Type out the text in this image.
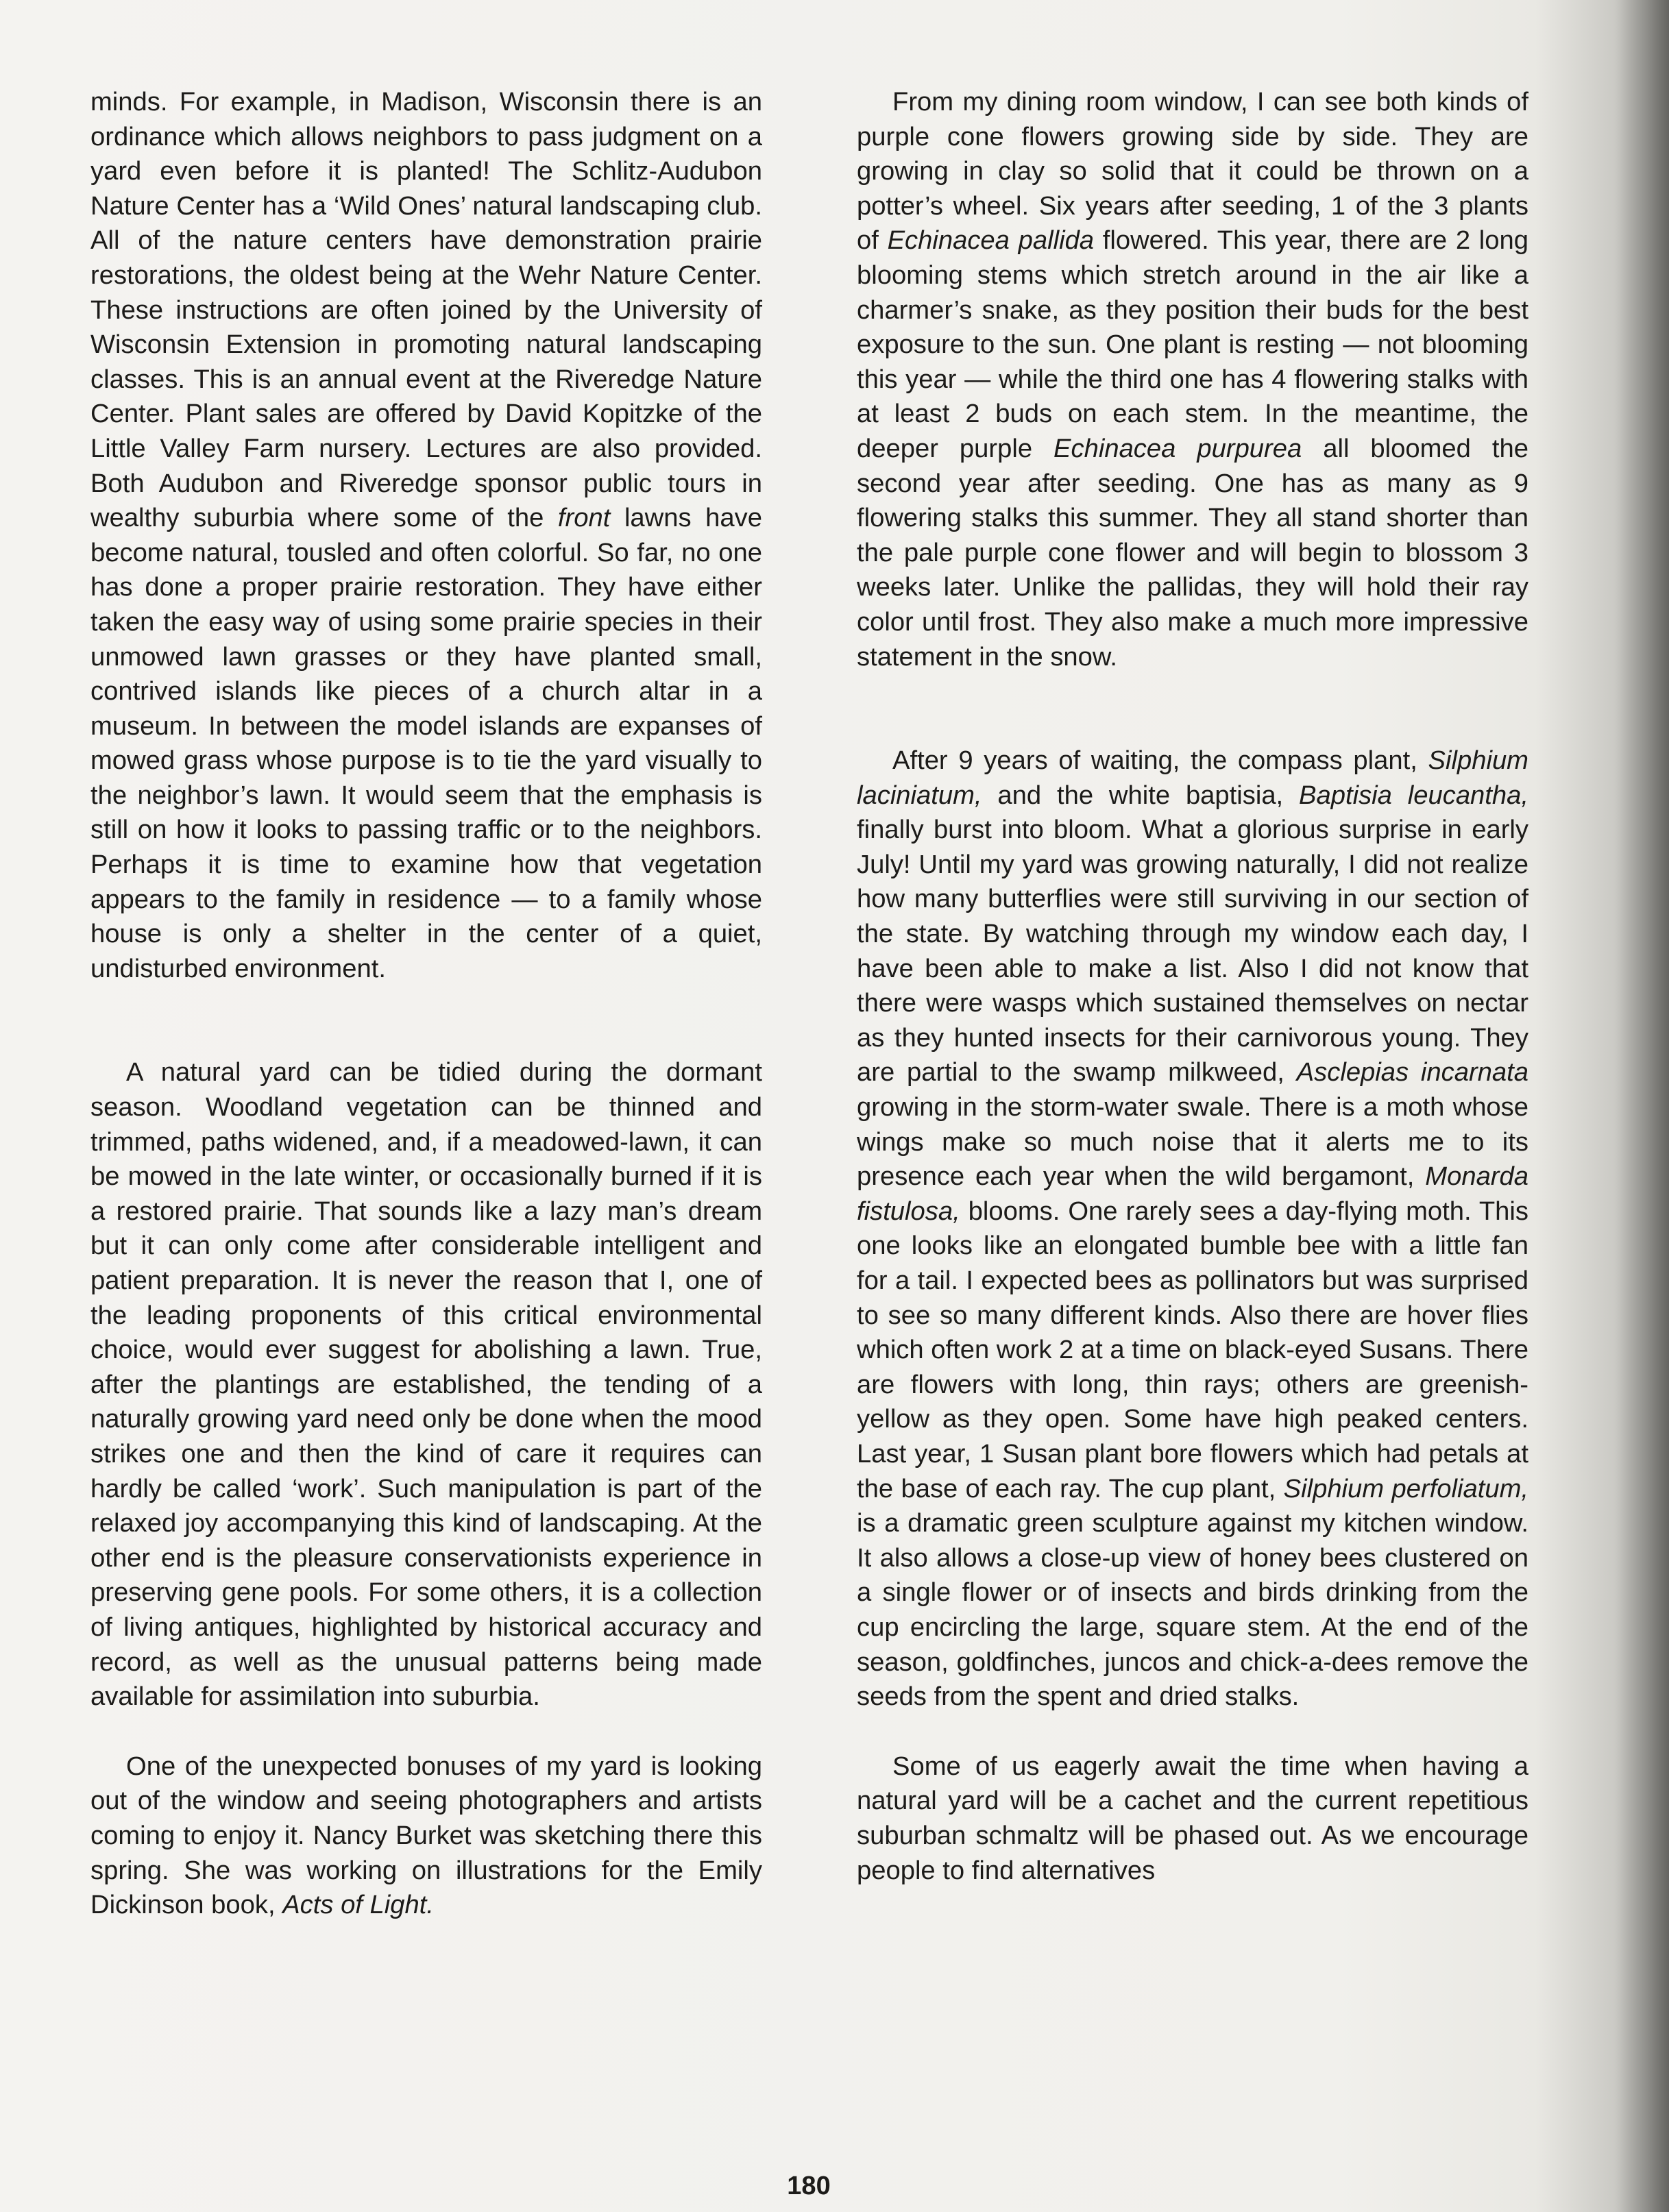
minds. For example, in Madison, Wisconsin there is an ordinance which allows neighbors to pass judgment on a yard even before it is planted! The Schlitz-Audubon Nature Center has a ‘Wild Ones’ natural landscaping club. All of the nature centers have demonstration prairie restorations, the oldest being at the Wehr Nature Center. These instructions are often joined by the University of Wisconsin Extension in promoting natural landscaping classes. This is an annual event at the Riveredge Nature Center. Plant sales are offered by David Kopitzke of the Little Valley Farm nursery. Lectures are also provided. Both Audubon and Riveredge sponsor public tours in wealthy suburbia where some of the front lawns have become natural, tousled and often colorful. So far, no one has done a proper prairie restoration. They have either taken the easy way of using some prairie species in their unmowed lawn grasses or they have planted small, contrived islands like pieces of a church altar in a museum. In between the model islands are expanses of mowed grass whose purpose is to tie the yard visually to the neighbor’s lawn. It would seem that the emphasis is still on how it looks to passing traffic or to the neighbors. Perhaps it is time to examine how that vegetation appears to the family in residence — to a family whose house is only a shelter in the center of a quiet, undisturbed environment.

A natural yard can be tidied during the dormant season. Woodland vegetation can be thinned and trimmed, paths widened, and, if a meadowed-lawn, it can be mowed in the late winter, or occasionally burned if it is a restored prairie. That sounds like a lazy man’s dream but it can only come after considerable intelligent and patient preparation. It is never the reason that I, one of the leading proponents of this critical environmental choice, would ever suggest for abolishing a lawn. True, after the plantings are established, the tending of a naturally growing yard need only be done when the mood strikes one and then the kind of care it requires can hardly be called ‘work’. Such manipulation is part of the relaxed joy accompanying this kind of landscaping. At the other end is the pleasure conservationists experience in preserving gene pools. For some others, it is a collection of living antiques, highlighted by historical accuracy and record, as well as the unusual patterns being made available for assimilation into suburbia.

One of the unexpected bonuses of my yard is looking out of the window and seeing photographers and artists coming to enjoy it. Nancy Burket was sketching there this spring. She was working on illustrations for the Emily Dickinson book, Acts of Light.

From my dining room window, I can see both kinds of purple cone flowers growing side by side. They are growing in clay so solid that it could be thrown on a potter’s wheel. Six years after seeding, 1 of the 3 plants of Echinacea pallida flowered. This year, there are 2 long blooming stems which stretch around in the air like a charmer’s snake, as they position their buds for the best exposure to the sun. One plant is resting — not blooming this year — while the third one has 4 flowering stalks with at least 2 buds on each stem. In the meantime, the deeper purple Echinacea purpurea all bloomed the second year after seeding. One has as many as 9 flowering stalks this summer. They all stand shorter than the pale purple cone flower and will begin to blossom 3 weeks later. Unlike the pallidas, they will hold their ray color until frost. They also make a much more impressive statement in the snow.

After 9 years of waiting, the compass plant, Silphium laciniatum, and the white baptisia, Baptisia leucantha, finally burst into bloom. What a glorious surprise in early July! Until my yard was growing naturally, I did not realize how many butterflies were still surviving in our section of the state. By watching through my window each day, I have been able to make a list. Also I did not know that there were wasps which sustained themselves on nectar as they hunted insects for their carnivorous young. They are partial to the swamp milkweed, Asclepias incarnata growing in the storm-water swale. There is a moth whose wings make so much noise that it alerts me to its presence each year when the wild bergamont, Monarda fistulosa, blooms. One rarely sees a day-flying moth. This one looks like an elongated bumble bee with a little fan for a tail. I expected bees as pollinators but was surprised to see so many different kinds. Also there are hover flies which often work 2 at a time on black-eyed Susans. There are flowers with long, thin rays; others are greenish-yellow as they open. Some have high peaked centers. Last year, 1 Susan plant bore flowers which had petals at the base of each ray. The cup plant, Silphium perfoliatum, is a dramatic green sculpture against my kitchen window. It also allows a close-up view of honey bees clustered on a single flower or of insects and birds drinking from the cup encircling the large, square stem. At the end of the season, goldfinches, juncos and chick-a-dees remove the seeds from the spent and dried stalks.

Some of us eagerly await the time when having a natural yard will be a cachet and the current repetitious suburban schmaltz will be phased out. As we encourage people to find alternatives

180
